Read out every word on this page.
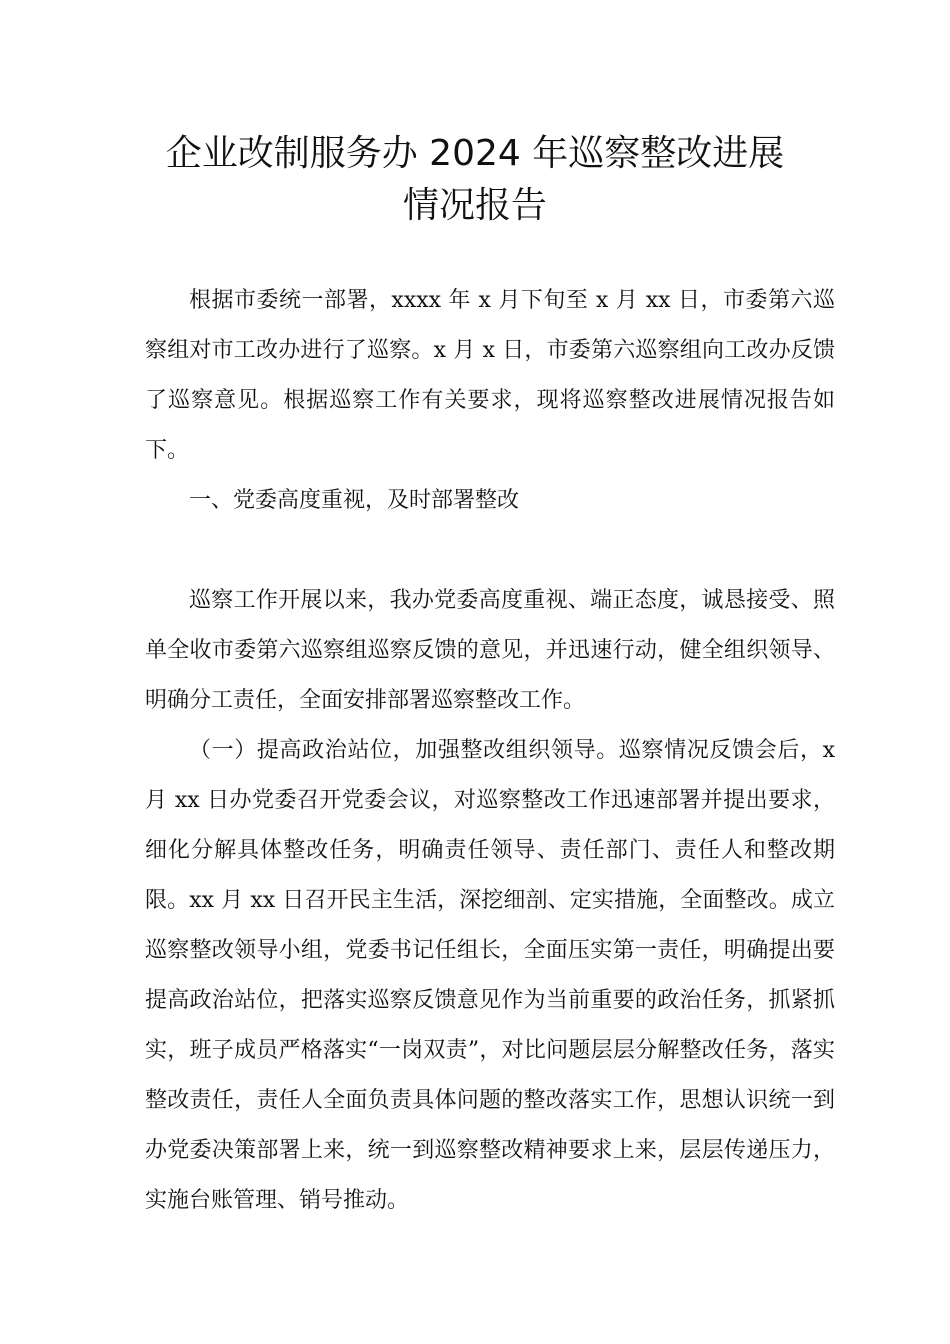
企业改制服务办 2024 年巡察整改进展
情况报告

根据市委统一部署，xxxx 年 x 月下旬至 x 月 xx 日，市委第六巡察组对市工改办进行了巡察。x 月 x 日，市委第六巡察组向工改办反馈了巡察意见。根据巡察工作有关要求，现将巡察整改进展情况报告如下。

一、党委高度重视，及时部署整改

巡察工作开展以来，我办党委高度重视、端正态度，诚恳接受、照单全收市委第六巡察组巡察反馈的意见，并迅速行动，健全组织领导、明确分工责任，全面安排部署巡察整改工作。

（一）提高政治站位，加强整改组织领导。巡察情况反馈会后，x 月 xx 日办党委召开党委会议，对巡察整改工作迅速部署并提出要求，细化分解具体整改任务，明确责任领导、责任部门、责任人和整改期限。xx 月 xx 日召开民主生活，深挖细剖、定实措施，全面整改。成立巡察整改领导小组，党委书记任组长，全面压实第一责任，明确提出要提高政治站位，把落实巡察反馈意见作为当前重要的政治任务，抓紧抓实，班子成员严格落实“一岗双责”，对比问题层层分解整改任务，落实整改责任，责任人全面负责具体问题的整改落实工作，思想认识统一到办党委决策部署上来，统一到巡察整改精神要求上来，层层传递压力，实施台账管理、销号推动。
